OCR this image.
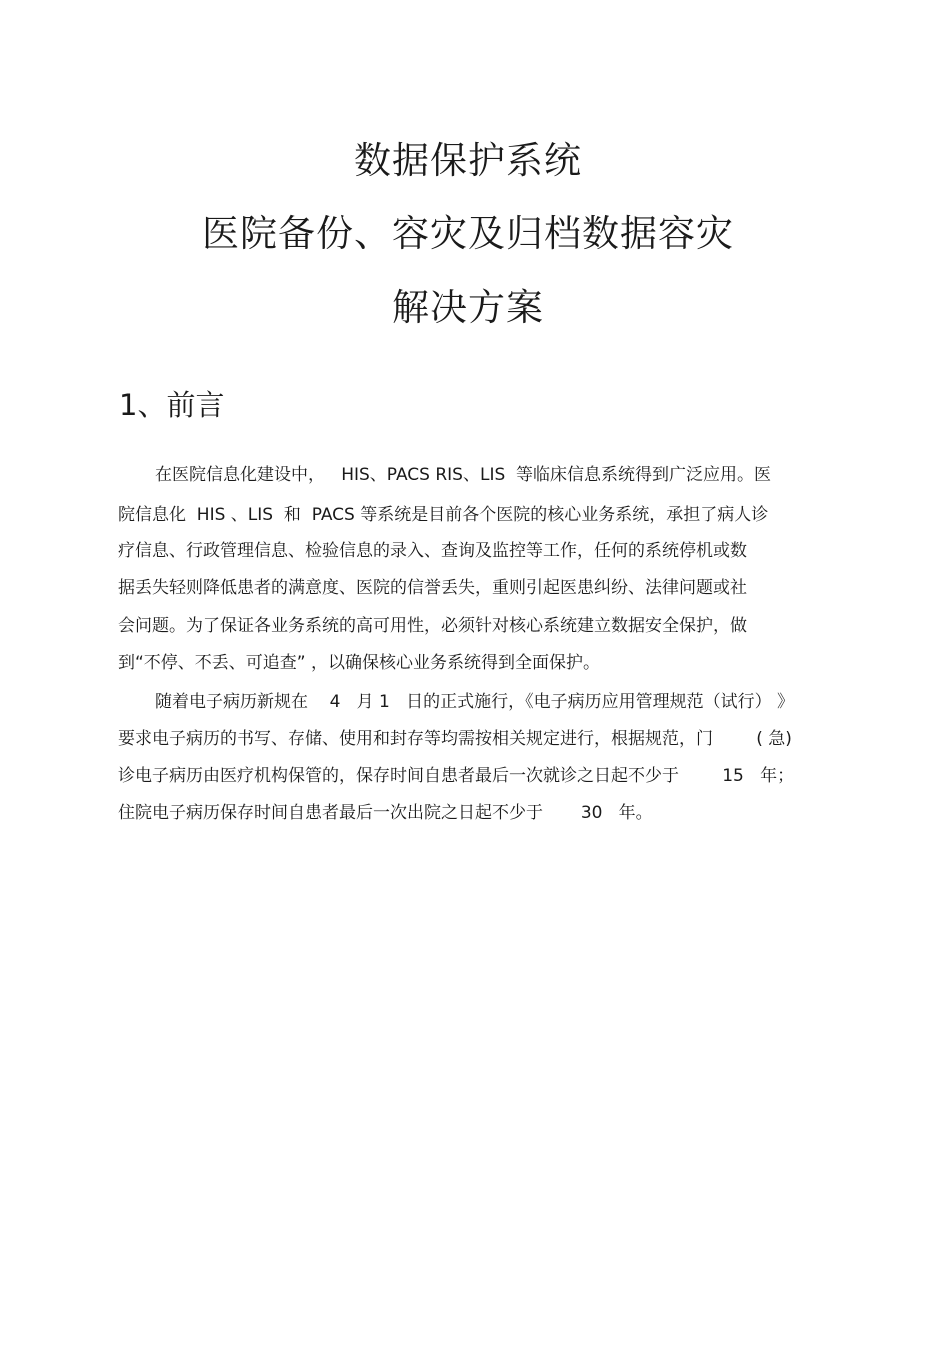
数据保护系统
医院备份、容灾及归档数据容灾
解决方案
1、前言

在医院信息化建设中，   HIS、PACS RIS、LIS  等临床信息系统得到广泛应用。医

院信息化  HIS 、LIS  和  PACS 等系统是目前各个医院的核心业务系统，承担了病人诊

疗信息、行政管理信息、检验信息的录入、查询及监控等工作，任何的系统停机或数

据丢失轻则降低患者的满意度、医院的信誉丢失，重则引起医患纠纷、法律问题或社

会问题。为了保证各业务系统的高可用性，必须针对核心系统建立数据安全保护，做

到“不停、不丢、可追查” ，以确保核心业务系统得到全面保护。

随着电子病历新规在    4   月 1   日的正式施行，《电子病历应用管理规范（试行） 》

要求电子病历的书写、存储、使用和封存等均需按相关规定进行，根据规范，门        ( 急)

诊电子病历由医疗机构保管的，保存时间自患者最后一次就诊之日起不少于        15   年；

住院电子病历保存时间自患者最后一次出院之日起不少于       30   年。
